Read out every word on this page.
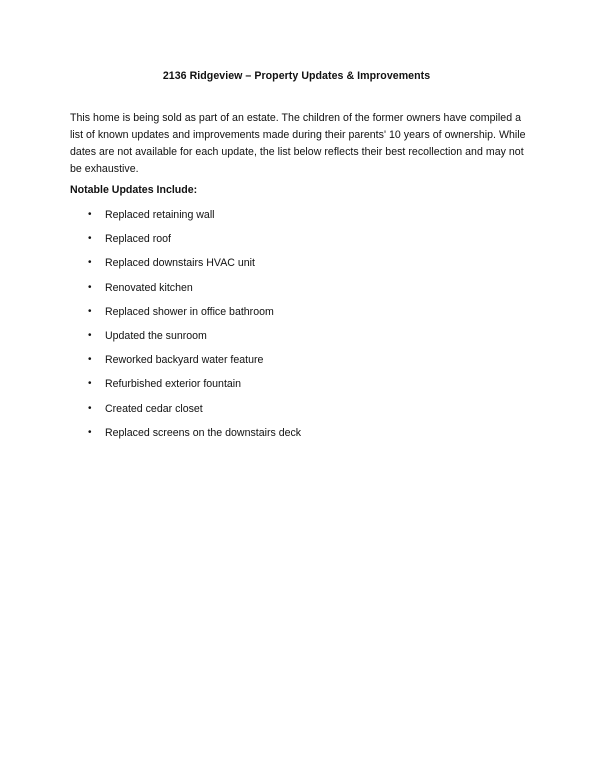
2136 Ridgeview – Property Updates & Improvements

This home is being sold as part of an estate. The children of the former owners have compiled a list of known updates and improvements made during their parents' 10 years of ownership. While dates are not available for each update, the list below reflects their best recollection and may not be exhaustive.

Notable Updates Include:
• Replaced retaining wall
• Replaced roof
• Replaced downstairs HVAC unit
• Renovated kitchen
• Replaced shower in office bathroom
• Updated the sunroom
• Reworked backyard water feature
• Refurbished exterior fountain
• Created cedar closet
• Replaced screens on the downstairs deck
